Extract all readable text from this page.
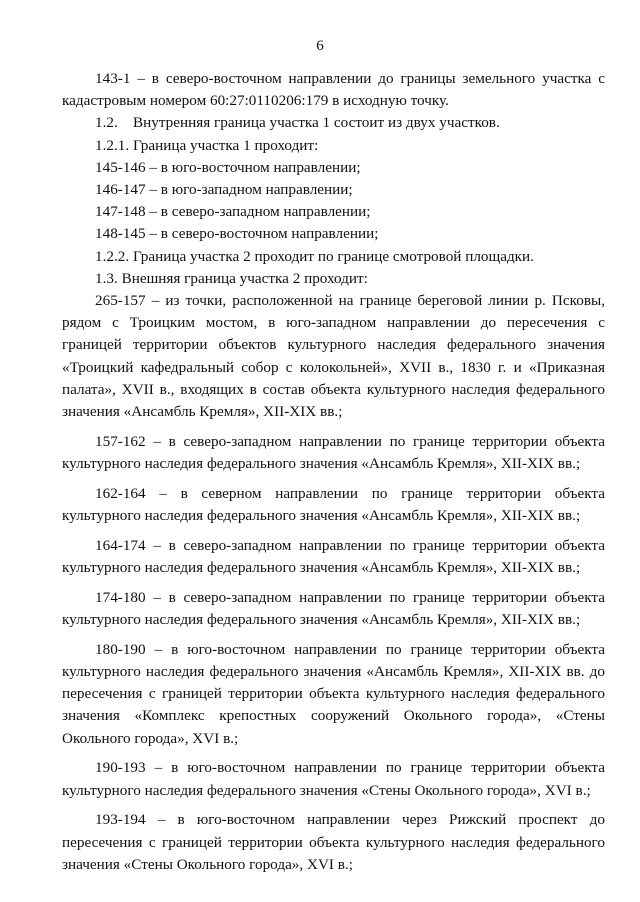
6

143-1 – в северо-восточном направлении до границы земельного участка с кадастровым номером 60:27:0110206:179 в исходную точку.

1.2.    Внутренняя граница участка 1 состоит из двух участков.

1.2.1. Граница участка 1 проходит:

145-146 – в юго-восточном направлении;

146-147 – в юго-западном направлении;

147-148 – в северо-западном направлении;

148-145 – в северо-восточном направлении;

1.2.2. Граница участка 2 проходит по границе смотровой площадки.

1.3. Внешняя граница участка 2 проходит:

265-157 – из точки, расположенной на границе береговой линии р. Псковы, рядом с Троицким мостом, в юго-западном направлении до пересечения с границей территории объектов культурного наследия федерального значения «Троицкий кафедральный собор с колокольней», XVII в., 1830 г. и «Приказная палата», XVII в., входящих в состав объекта культурного наследия федерального значения «Ансамбль Кремля», XII-XIX вв.;

157-162 – в северо-западном направлении по границе территории объекта культурного наследия федерального значения «Ансамбль Кремля», XII-XIX вв.;

162-164 – в северном направлении по границе территории объекта культурного наследия федерального значения «Ансамбль Кремля», XII-XIX вв.;

164-174 – в северо-западном направлении по границе территории объекта культурного наследия федерального значения «Ансамбль Кремля», XII-XIX вв.;

174-180 – в северо-западном направлении по границе территории объекта культурного наследия федерального значения «Ансамбль Кремля», XII-XIX вв.;

180-190 – в юго-восточном направлении по границе территории объекта культурного наследия федерального значения «Ансамбль Кремля», XII-XIX вв. до пересечения с границей территории объекта культурного наследия федерального значения «Комплекс крепостных сооружений Окольного города», «Стены Окольного города», XVI в.;

190-193 – в юго-восточном направлении по границе территории объекта культурного наследия федерального значения «Стены Окольного города», XVI в.;

193-194 – в юго-восточном направлении через Рижский проспект до пересечения с границей территории объекта культурного наследия федерального значения «Стены Окольного города», XVI в.;
